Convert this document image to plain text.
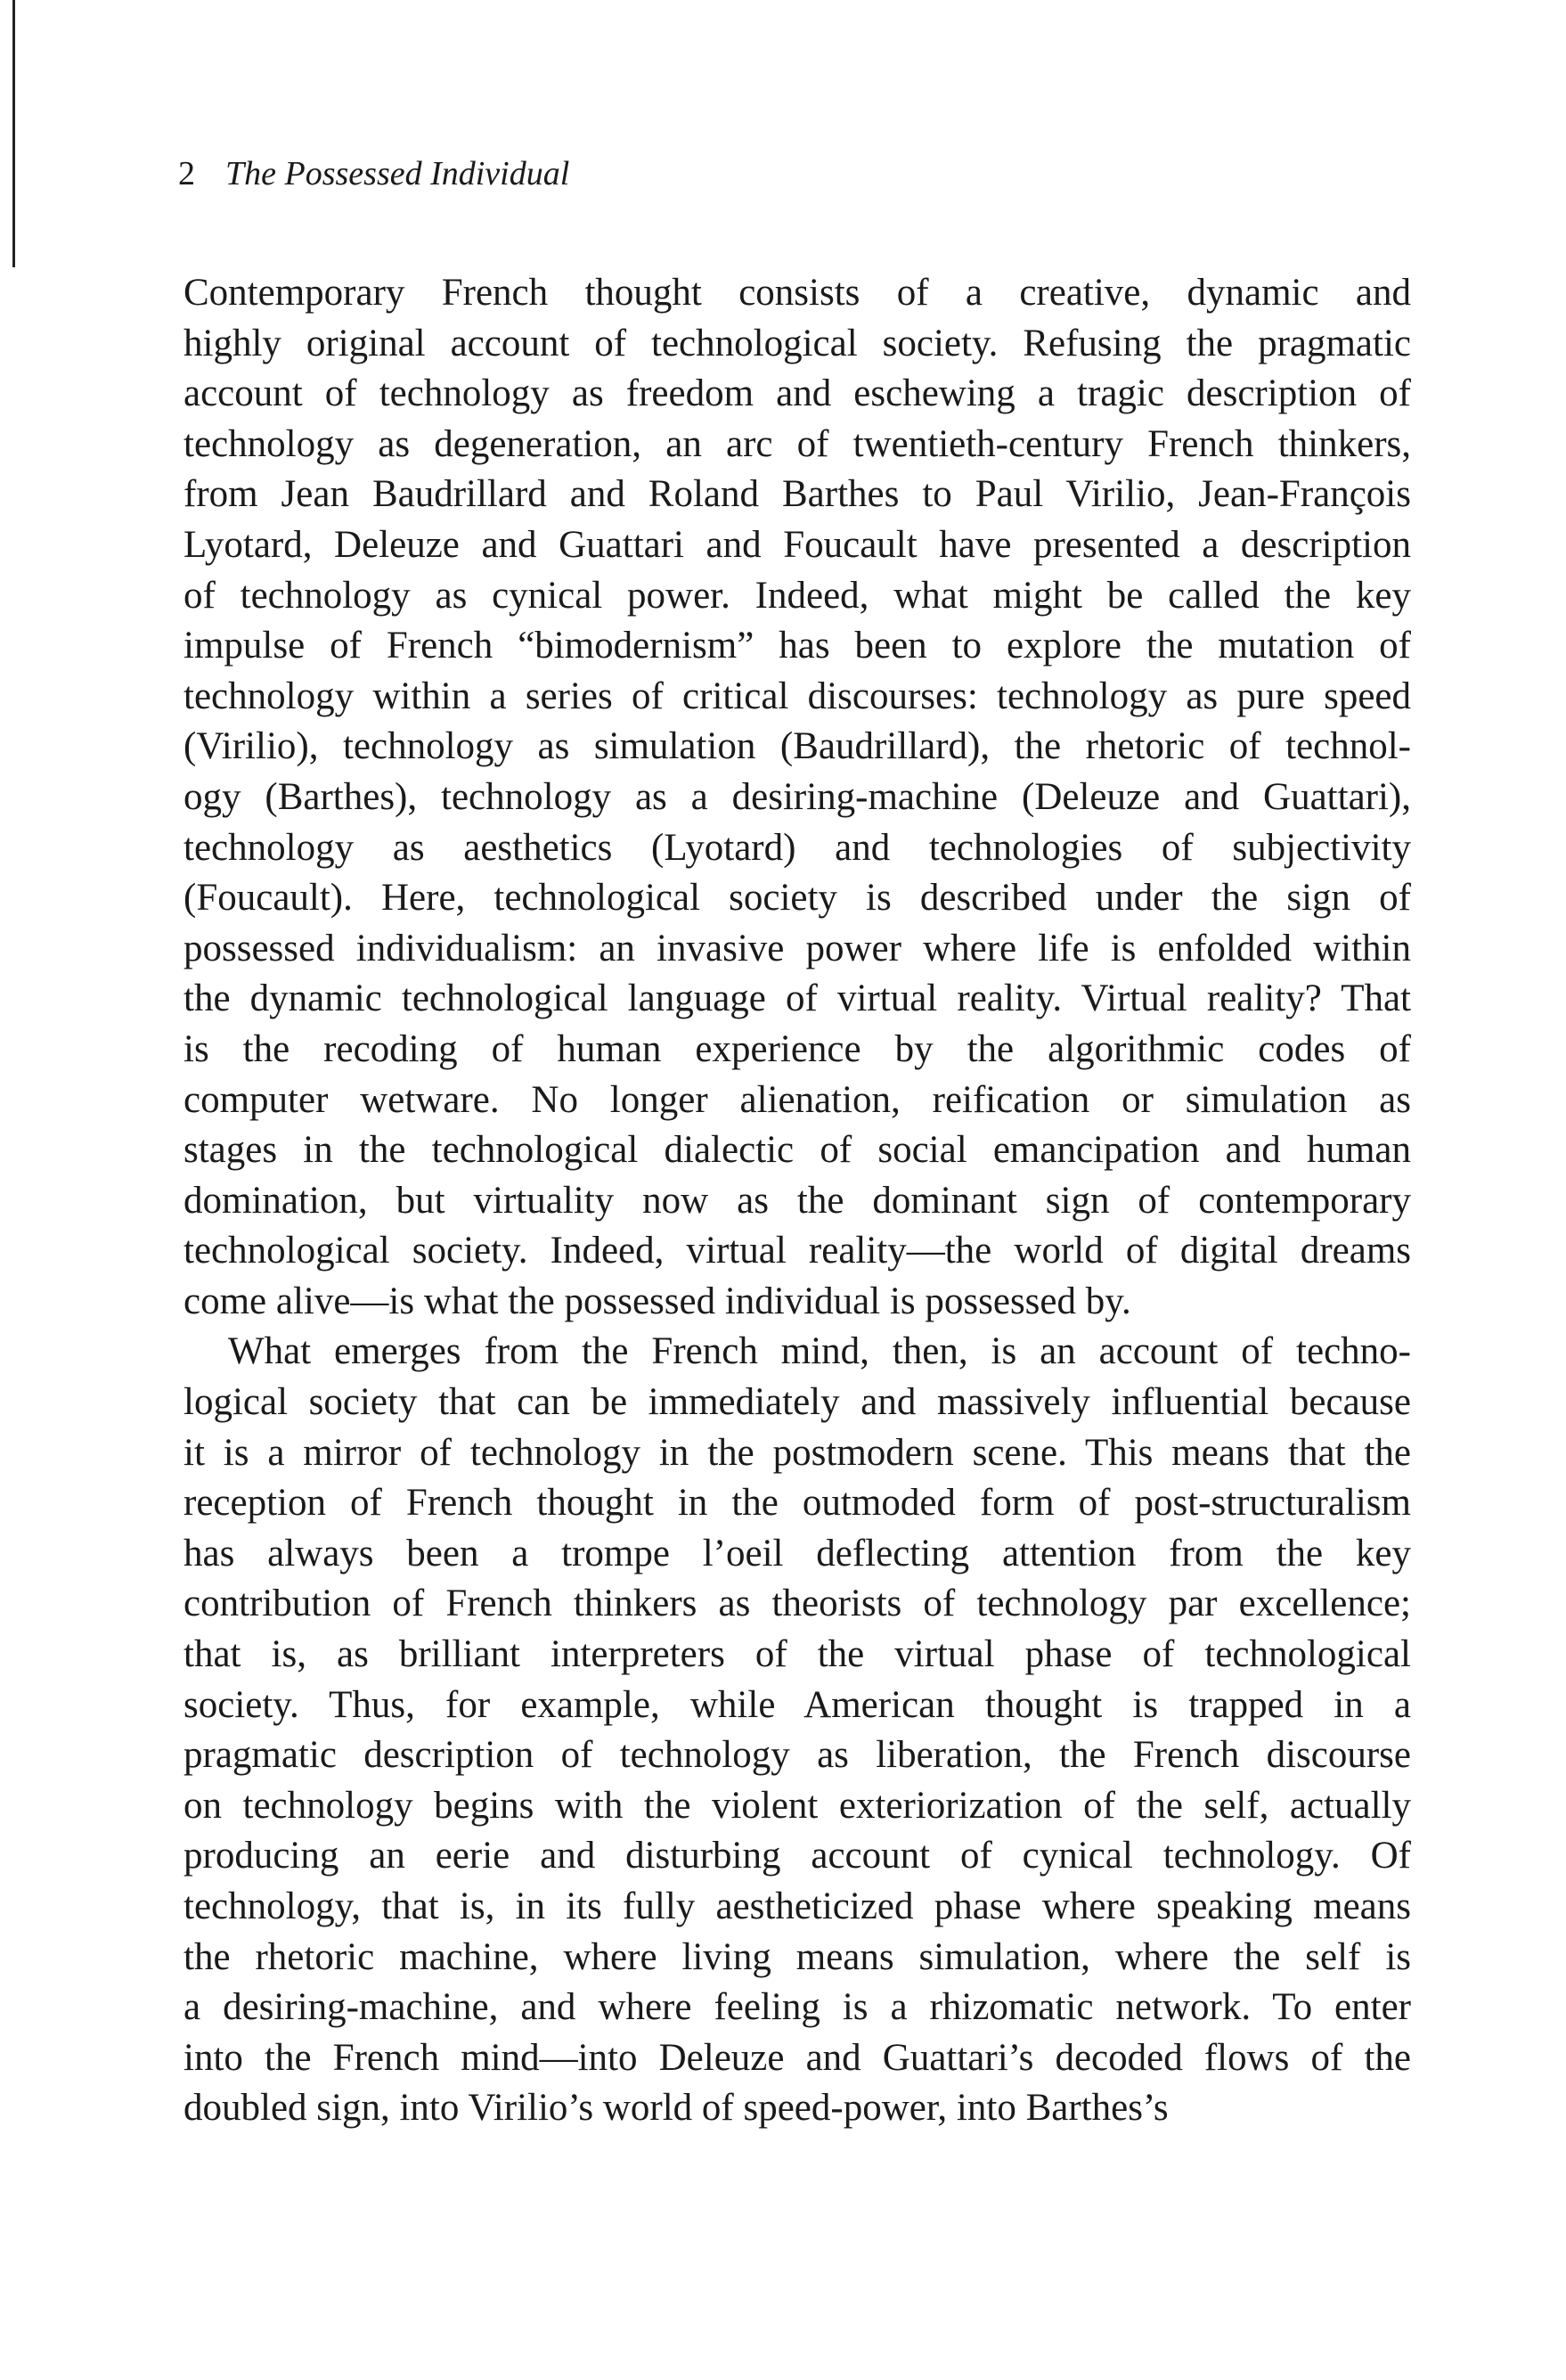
2 The Possessed Individual
Contemporary French thought consists of a creative, dynamic and
highly original account of technological society. Refusing the pragmatic
account of technology as freedom and eschewing a tragic description of
technology as degeneration, an arc of twentieth-century French thinkers,
from Jean Baudrillard and Roland Barthes to Paul Virilio, Jean-François
Lyotard, Deleuze and Guattari and Foucault have presented a description
of technology as cynical power. Indeed, what might be called the key
impulse of French “bimodernism” has been to explore the mutation of
technology within a series of critical discourses: technology as pure speed
(Virilio), technology as simulation (Baudrillard), the rhetoric of technol-
ogy (Barthes), technology as a desiring-machine (Deleuze and Guattari),
technology as aesthetics (Lyotard) and technologies of subjectivity
(Foucault). Here, technological society is described under the sign of
possessed individualism: an invasive power where life is enfolded within
the dynamic technological language of virtual reality. Virtual reality? That
is the recoding of human experience by the algorithmic codes of
computer wetware. No longer alienation, reification or simulation as
stages in the technological dialectic of social emancipation and human
domination, but virtuality now as the dominant sign of contemporary
technological society. Indeed, virtual reality—the world of digital dreams
come alive—is what the possessed individual is possessed by.
What emerges from the French mind, then, is an account of techno-
logical society that can be immediately and massively influential because
it is a mirror of technology in the postmodern scene. This means that the
reception of French thought in the outmoded form of post-structuralism
has always been a trompe l’oeil deflecting attention from the key
contribution of French thinkers as theorists of technology par excellence;
that is, as brilliant interpreters of the virtual phase of technological
society. Thus, for example, while American thought is trapped in a
pragmatic description of technology as liberation, the French discourse
on technology begins with the violent exteriorization of the self, actually
producing an eerie and disturbing account of cynical technology. Of
technology, that is, in its fully aestheticized phase where speaking means
the rhetoric machine, where living means simulation, where the self is
a desiring-machine, and where feeling is a rhizomatic network. To enter
into the French mind—into Deleuze and Guattari’s decoded flows of the
doubled sign, into Virilio’s world of speed-power, into Barthes’s
